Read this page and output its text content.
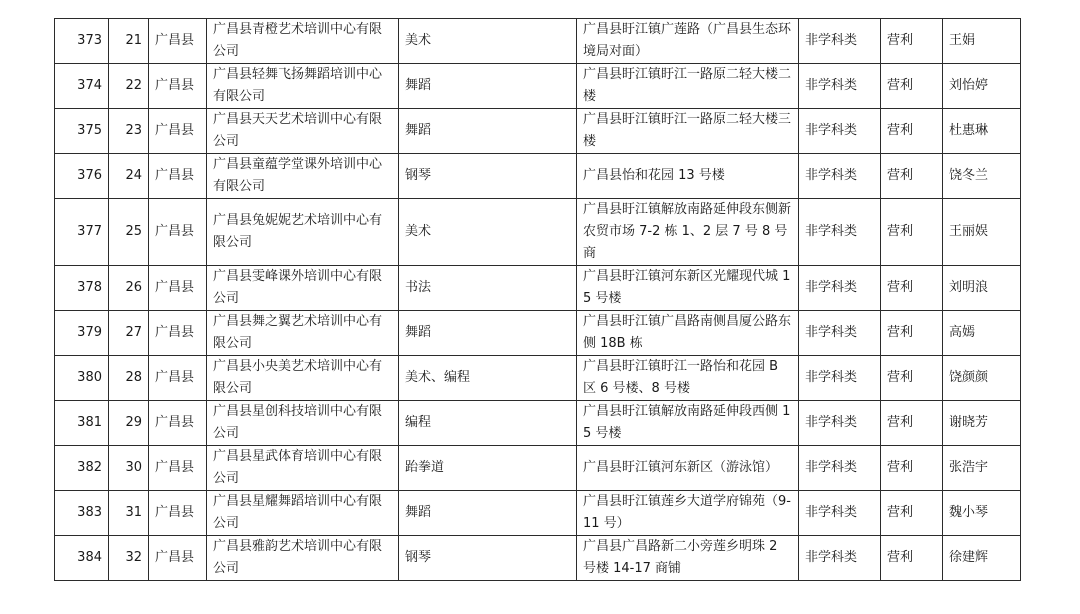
373	21	广昌县	广昌县青橙艺术培训中心有限公司	美术	广昌县盱江镇广莲路（广昌县生态环境局对面）	非学科类	营利	王娟
374	22	广昌县	广昌县轻舞飞扬舞蹈培训中心有限公司	舞蹈	广昌县盱江镇盱江一路原二轻大楼二楼	非学科类	营利	刘怡婷
375	23	广昌县	广昌县天天艺术培训中心有限公司	舞蹈	广昌县盱江镇盱江一路原二轻大楼三楼	非学科类	营利	杜惠琳
376	24	广昌县	广昌县童蕴学堂课外培训中心有限公司	钢琴	广昌县怡和花园 13 号楼	非学科类	营利	饶冬兰
377	25	广昌县	广昌县兔妮妮艺术培训中心有限公司	美术	广昌县盱江镇解放南路延伸段东侧新农贸市场 7-2 栋 1、2 层 7 号 8 号商	非学科类	营利	王丽娱
378	26	广昌县	广昌县雯峰课外培训中心有限公司	书法	广昌县盱江镇河东新区光耀现代城 15 号楼	非学科类	营利	刘明浪
379	27	广昌县	广昌县舞之翼艺术培训中心有限公司	舞蹈	广昌县盱江镇广昌路南侧昌厦公路东侧 18B 栋	非学科类	营利	高嫣
380	28	广昌县	广昌县小央美艺术培训中心有限公司	美术、编程	广昌县盱江镇盱江一路怡和花园 B 区 6 号楼、8 号楼	非学科类	营利	饶颜颜
381	29	广昌县	广昌县星创科技培训中心有限公司	编程	广昌县盱江镇解放南路延伸段西侧 15 号楼	非学科类	营利	谢晓芳
382	30	广昌县	广昌县星武体育培训中心有限公司	跆拳道	广昌县盱江镇河东新区（游泳馆）	非学科类	营利	张浩宇
383	31	广昌县	广昌县星耀舞蹈培训中心有限公司	舞蹈	广昌县盱江镇莲乡大道学府锦苑（9-11 号）	非学科类	营利	魏小琴
384	32	广昌县	广昌县雅韵艺术培训中心有限公司	钢琴	广昌县广昌路新二小旁莲乡明珠 2 号楼 14-17 商铺	非学科类	营利	徐建辉
